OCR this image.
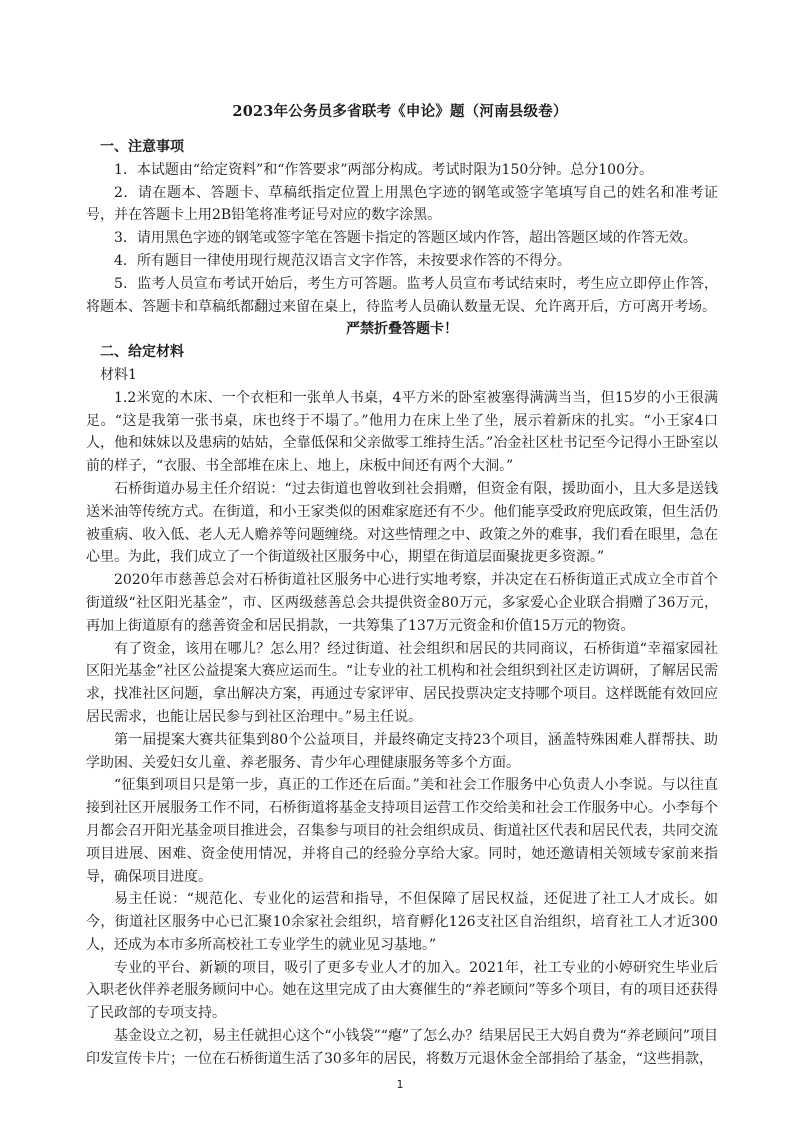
2023年公务员多省联考《申论》题（河南县级卷）

一、注意事项

1．本试题由“给定资料”和“作答要求”两部分构成。考试时限为150分钟。总分100分。

2．请在题本、答题卡、草稿纸指定位置上用黑色字迹的钢笔或签字笔填写自己的姓名和准考证号，并在答题卡上用2B铅笔将准考证号对应的数字涂黑。

3．请用黑色字迹的钢笔或签字笔在答题卡指定的答题区域内作答，超出答题区域的作答无效。

4．所有题目一律使用现行规范汉语言文字作答，未按要求作答的不得分。

5．监考人员宣布考试开始后，考生方可答题。监考人员宣布考试结束时，考生应立即停止作答，将题本、答题卡和草稿纸都翻过来留在桌上，待监考人员确认数量无误、允许离开后，方可离开考场。

严禁折叠答题卡！

二、给定材料

材料1

1.2米宽的木床、一个衣柜和一张单人书桌，4平方米的卧室被塞得满满当当，但15岁的小王很满足。“这是我第一张书桌，床也终于不塌了。”他用力在床上坐了坐，展示着新床的扎实。“小王家4口人，他和妹妹以及患病的姑姑，全靠低保和父亲做零工维持生活。”冶金社区杜书记至今记得小王卧室以前的样子，“衣服、书全部堆在床上、地上，床板中间还有两个大洞。”

石桥街道办易主任介绍说：“过去街道也曾收到社会捐赠，但资金有限，援助面小，且大多是送钱送米油等传统方式。在街道，和小王家类似的困难家庭还有不少。他们能享受政府兜底政策，但生活仍被重病、收入低、老人无人赡养等问题缠绕。对这些情理之中、政策之外的难事，我们看在眼里，急在心里。为此，我们成立了一个街道级社区服务中心，期望在街道层面聚拢更多资源。”

2020年市慈善总会对石桥街道社区服务中心进行实地考察，并决定在石桥街道正式成立全市首个街道级“社区阳光基金”，市、区两级慈善总会共提供资金80万元，多家爱心企业联合捐赠了36万元，再加上街道原有的慈善资金和居民捐款，一共筹集了137万元资金和价值15万元的物资。

有了资金，该用在哪儿？怎么用？经过街道、社会组织和居民的共同商议，石桥街道“幸福家园社区阳光基金”社区公益提案大赛应运而生。“让专业的社工机构和社会组织到社区走访调研，了解居民需求，找准社区问题，拿出解决方案，再通过专家评审、居民投票决定支持哪个项目。这样既能有效回应居民需求，也能让居民参与到社区治理中。”易主任说。

第一届提案大赛共征集到80个公益项目，并最终确定支持23个项目，涵盖特殊困难人群帮扶、助学助困、关爱妇女儿童、养老服务、青少年心理健康服务等多个方面。

“征集到项目只是第一步，真正的工作还在后面。”美和社会工作服务中心负责人小李说。与以往直接到社区开展服务工作不同，石桥街道将基金支持项目运营工作交给美和社会工作服务中心。小李每个月都会召开阳光基金项目推进会，召集参与项目的社会组织成员、街道社区代表和居民代表，共同交流项目进展、困难、资金使用情况，并将自己的经验分享给大家。同时，她还邀请相关领域专家前来指导，确保项目进度。

易主任说：“规范化、专业化的运营和指导，不但保障了居民权益，还促进了社工人才成长。如今，街道社区服务中心已汇聚10余家社会组织，培育孵化126支社区自治组织，培育社工人才近300人，还成为本市多所高校社工专业学生的就业见习基地。”

专业的平台、新颖的项目，吸引了更多专业人才的加入。2021年，社工专业的小婷研究生毕业后入职老伙伴养老服务顾问中心。她在这里完成了由大赛催生的“养老顾问”等多个项目，有的项目还获得了民政部的专项支持。

基金设立之初，易主任就担心这个“小钱袋”“瘪”了怎么办？结果居民王大妈自费为“养老顾问”项目印发宣传卡片；一位在石桥街道生活了30多年的居民，将数万元退休金全部捐给了基金，“这些捐款，

1
